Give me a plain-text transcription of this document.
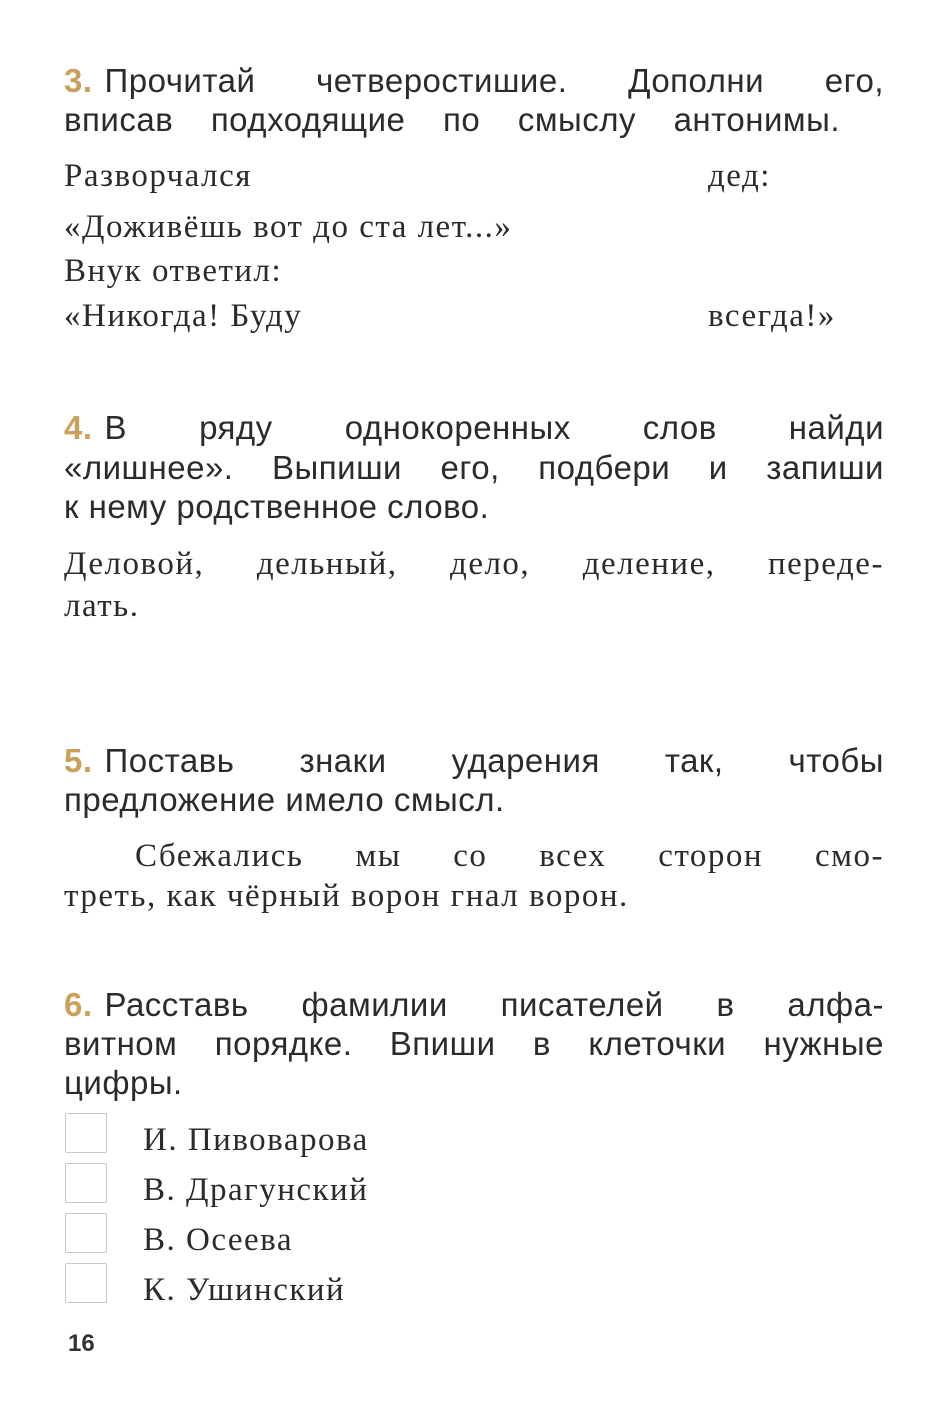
3. Прочитай четверостишие. Дополни его,
вписав подходящие по смыслу антонимы.
Разворчался	дед:
«Доживёшь вот до ста лет...»
Внук ответил:
«Никогда! Буду	всегда!»
4. В ряду однокоренных слов найди
«лишнее». Выпиши его, подбери и запиши
к нему родственное слово.
Деловой, дельный, дело, деление, переде-
лать.
5. Поставь знаки ударения так, чтобы
предложение имело смысл.
Сбежались мы со всех сторон смо-
треть, как чёрный ворон гнал ворон.
6. Расставь фамилии писателей в алфа-
витном порядке. Впиши в клеточки нужные
цифры.
И. Пивоварова
В. Драгунский
В. Осеева
К. Ушинский
16
